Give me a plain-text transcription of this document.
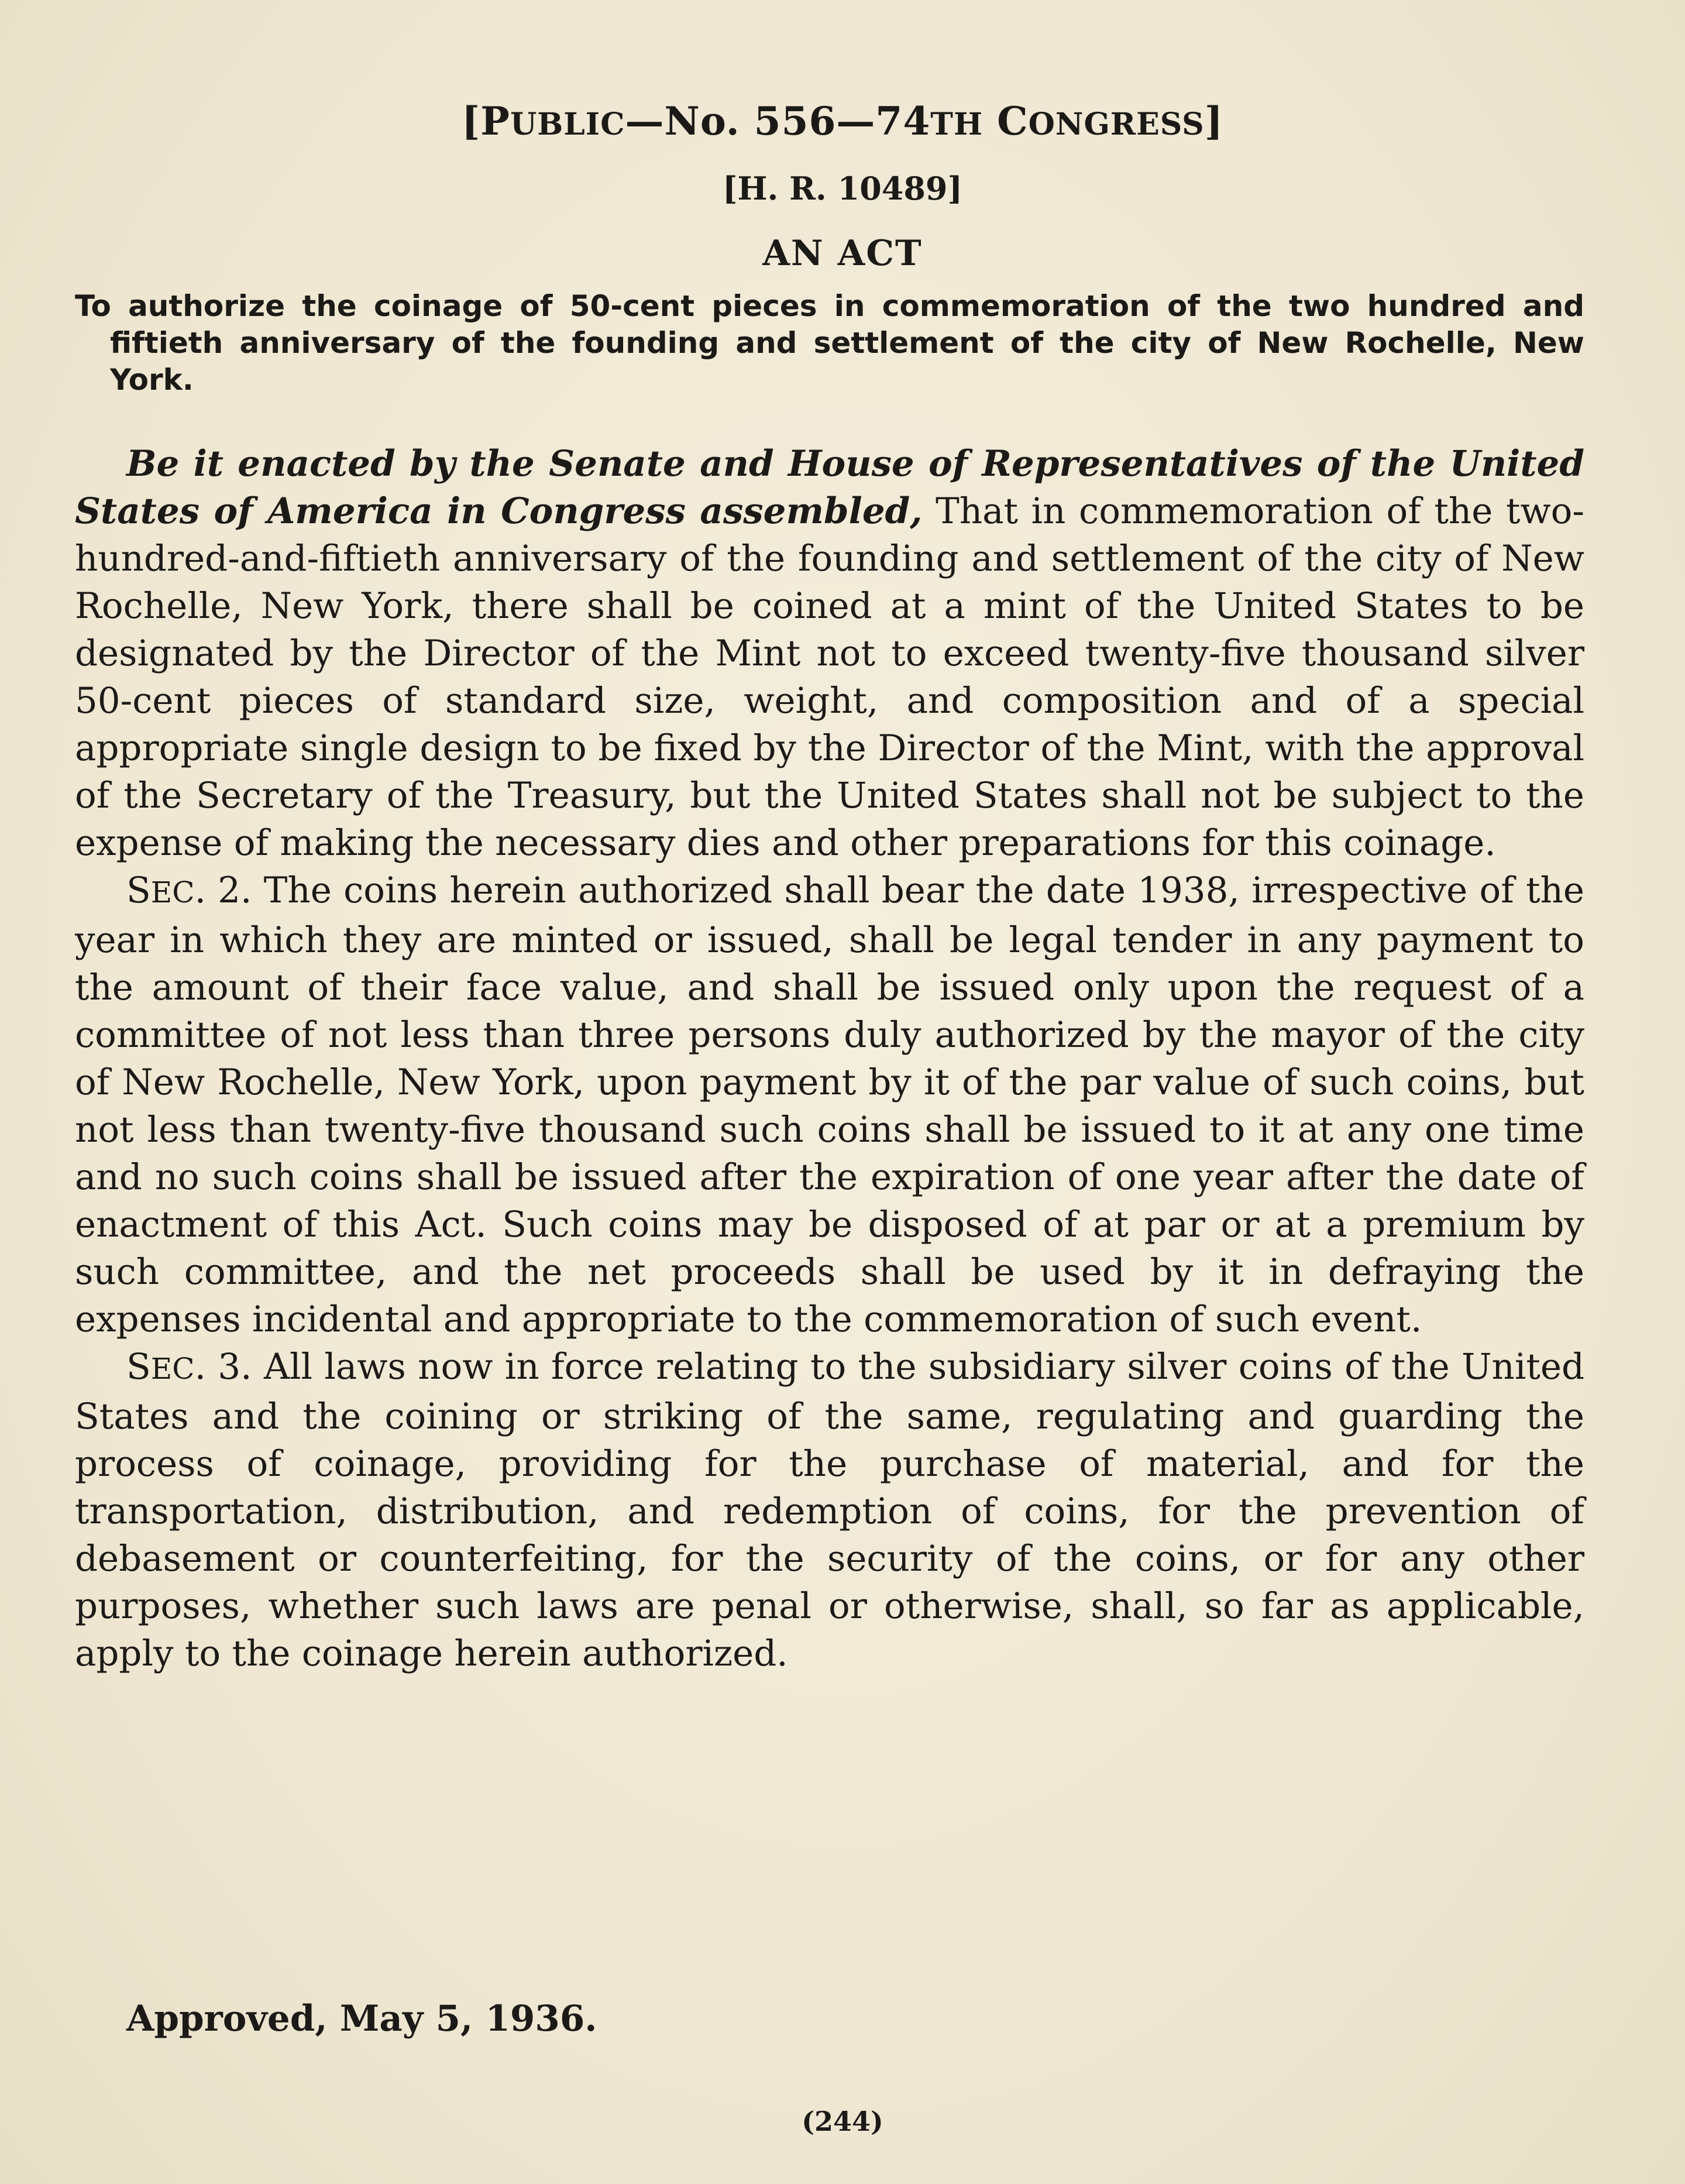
[PUBLIC—No. 556—74TH CONGRESS]
[H. R. 10489]
AN ACT
To authorize the coinage of 50-cent pieces in commemoration of the two hundred and fiftieth anniversary of the founding and settlement of the city of New Rochelle, New York.

Be it enacted by the Senate and House of Representatives of the United States of America in Congress assembled, That in commemoration of the two-hundred-and-fiftieth anniversary of the founding and settlement of the city of New Rochelle, New York, there shall be coined at a mint of the United States to be designated by the Director of the Mint not to exceed twenty-five thousand silver 50-cent pieces of standard size, weight, and composition and of a special appropriate single design to be fixed by the Director of the Mint, with the approval of the Secretary of the Treasury, but the United States shall not be subject to the expense of making the necessary dies and other preparations for this coinage.

SEC. 2. The coins herein authorized shall bear the date 1938, irrespective of the year in which they are minted or issued, shall be legal tender in any payment to the amount of their face value, and shall be issued only upon the request of a committee of not less than three persons duly authorized by the mayor of the city of New Rochelle, New York, upon payment by it of the par value of such coins, but not less than twenty-five thousand such coins shall be issued to it at any one time and no such coins shall be issued after the expiration of one year after the date of enactment of this Act. Such coins may be disposed of at par or at a premium by such committee, and the net proceeds shall be used by it in defraying the expenses incidental and appropriate to the commemoration of such event.

SEC. 3. All laws now in force relating to the subsidiary silver coins of the United States and the coining or striking of the same, regulating and guarding the process of coinage, providing for the purchase of material, and for the transportation, distribution, and redemption of coins, for the prevention of debasement or counterfeiting, for the security of the coins, or for any other purposes, whether such laws are penal or otherwise, shall, so far as applicable, apply to the coinage herein authorized.

Approved, May 5, 1936.
(244)
